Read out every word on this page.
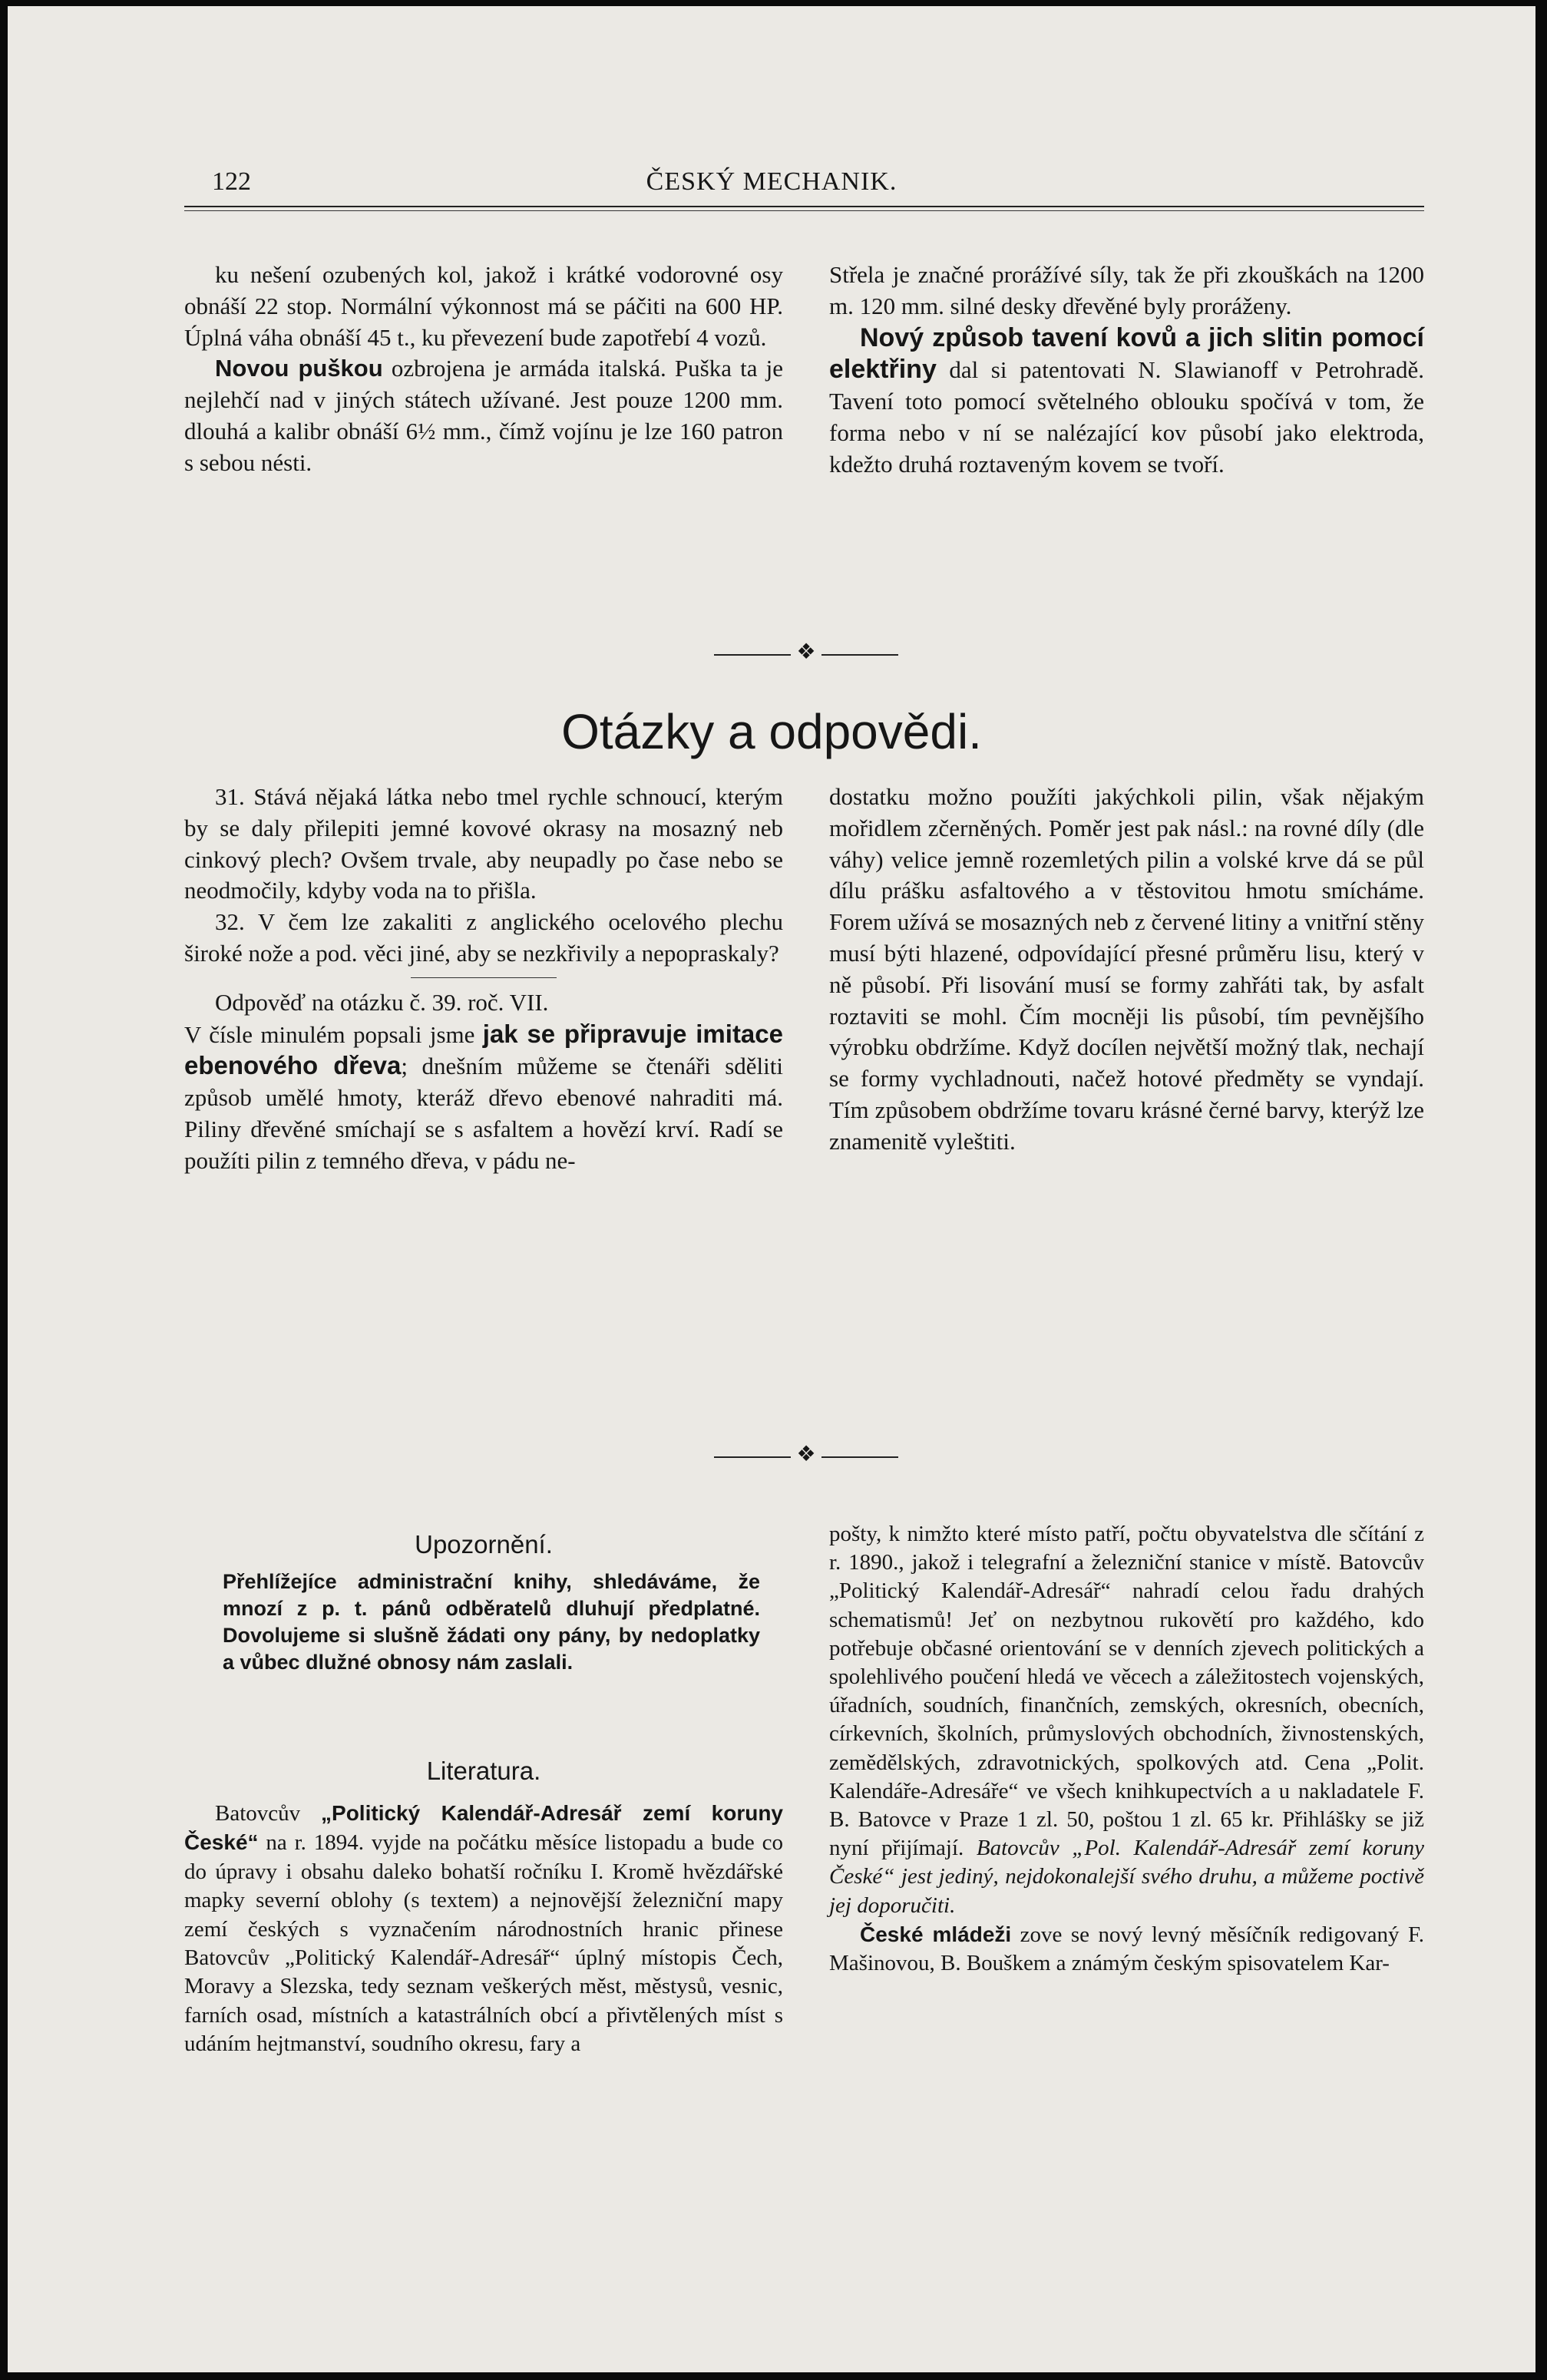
122	ČESKÝ MECHANIK.

ku nešení ozubených kol, jakož i krátké vodorovné osy obnáší 22 stop. Normální výkonnost má se páčiti na 600 HP. Úplná váha obnáší 45 t., ku převezení bude zapotřebí 4 vozů.

Novou puškou ozbrojena je armáda italská. Puška ta je nejlehčí nad v jiných státech užívané. Jest pouze 1200 mm. dlouhá a kalibr obnáší 6½ mm., čímž vojínu je lze 160 patron s sebou nésti.

Střela je značné prorážívé síly, tak že při zkouškách na 1200 m. 120 mm. silné desky dřevěné byly proráženy.

Nový způsob tavení kovů a jich slitin pomocí elektřiny dal si patentovati N. Slawianoff v Petrohradě. Tavení toto pomocí světelného oblouku spočívá v tom, že forma nebo v ní se nalézající kov působí jako elektroda, kdežto druhá roztaveným kovem se tvoří.

❖
Otázky a odpovědi.

31. Stává nějaká látka nebo tmel rychle schnoucí, kterým by se daly přilepiti jemné kovové okrasy na mosazný neb cinkový plech? Ovšem trvale, aby neupadly po čase nebo se neodmočily, kdyby voda na to přišla.

32. V čem lze zakaliti z anglického ocelového plechu široké nože a pod. věci jiné, aby se nezkřivily a nepopraskaly?

Odpověď na otázku č. 39. roč. VII.

V čísle minulém popsali jsme jak se připravuje imitace ebenového dřeva; dnešním můžeme se čtenáři sděliti způsob umělé hmoty, kteráž dřevo ebenové nahraditi má. Piliny dřevěné smíchají se s asfaltem a hovězí krví. Radí se použíti pilin z temného dřeva, v pádu ne-

dostatku možno použíti jakýchkoli pilin, však nějakým mořidlem zčerněných. Poměr jest pak násl.: na rovné díly (dle váhy) velice jemně rozemletých pilin a volské krve dá se půl dílu prášku asfaltového a v těstovitou hmotu smícháme. Forem užívá se mosazných neb z červené litiny a vnitřní stěny musí býti hlazené, odpovídající přesné průměru lisu, který v ně působí. Při lisování musí se formy zahřáti tak, by asfalt roztaviti se mohl. Čím mocněji lis působí, tím pevnějšího výrobku obdržíme. Když docílen největší možný tlak, nechají se formy vychladnouti, načež hotové předměty se vyndají. Tím způsobem obdržíme tovaru krásné černé barvy, kterýž lze znamenitě vyleštiti.

❖
Upozornění.
Přehlížejíce administrační knihy, shledáváme, že mnozí z p. t. pánů odběratelů dluhují předplatné. Dovolujeme si slušně žádati ony pány, by nedoplatky a vůbec dlužné obnosy nám zaslali.
Literatura.

Batovcův „Politický Kalendář-Adresář zemí koruny České“ na r. 1894. vyjde na počátku měsíce listopadu a bude co do úpravy i obsahu daleko bohatší ročníku I. Kromě hvězdářské mapky severní oblohy (s textem) a nejnovější železniční mapy zemí českých s vyznačením národnostních hranic přinese Batovcův „Politický Kalendář-Adresář“ úplný místopis Čech, Moravy a Slezska, tedy seznam veškerých měst, městysů, vesnic, farních osad, místních a katastrálních obcí a přivtělených míst s udáním hejtmanství, soudního okresu, fary a

pošty, k nimžto které místo patří, počtu obyvatelstva dle sčítání z r. 1890., jakož i telegrafní a železniční stanice v místě. Batovcův „Politický Kalendář-Adresář“ nahradí celou řadu drahých schematismů! Jeť on nezbytnou rukovětí pro každého, kdo potřebuje občasné orientování se v denních zjevech politických a spolehlivého poučení hledá ve věcech a záležitostech vojenských, úřadních, soudních, finančních, zemských, okresních, obecních, církevních, školních, průmyslových obchodních, živnostenských, zemědělských, zdravotnických, spolkových atd. Cena „Polit. Kalendáře-Adresáře“ ve všech knihkupectvích a u nakladatele F. B. Batovce v Praze 1 zl. 50, poštou 1 zl. 65 kr. Přihlášky se již nyní přijímají. Batovcův „Pol. Kalendář-Adresář zemí koruny České“ jest jediný, nejdokonalejší svého druhu, a můžeme poctivě jej doporučiti.

České mládeži zove se nový levný měsíčník redigovaný F. Mašinovou, B. Bouškem a známým českým spisovatelem Kar-
